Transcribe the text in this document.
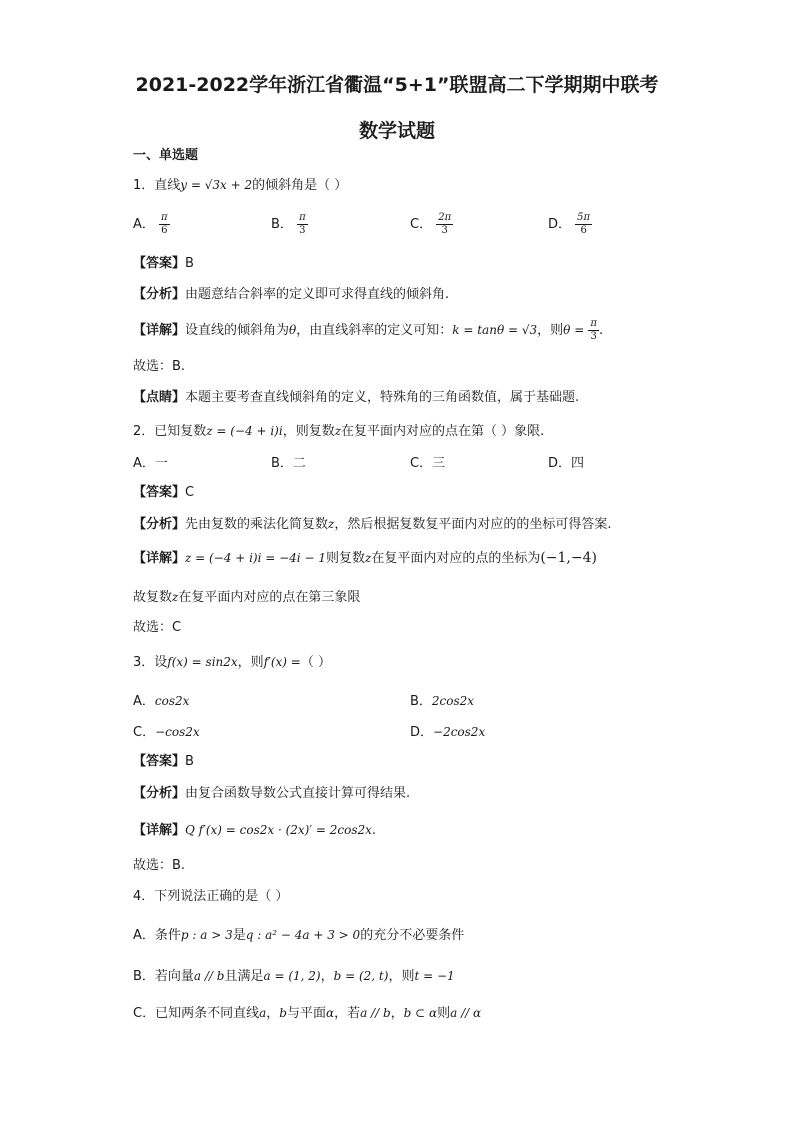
2021-2022学年浙江省衢温“5+1”联盟高二下学期期中联考
数学试题
一、单选题
1．直线y = √3x + 2的倾斜角是（ ）
A． $\frac{\pi}{6}$	B． $\frac{\pi}{3}$	C． $\frac{2\pi}{3}$	D． $\frac{5\pi}{6}$
【答案】B
【分析】由题意结合斜率的定义即可求得直线的倾斜角.
【详解】设直线的倾斜角为θ，由直线斜率的定义可知：k = tanθ = √3，则$\theta = \frac{\pi}{3}$ .
故选：B.
【点睛】本题主要考查直线倾斜角的定义，特殊角的三角函数值，属于基础题.
2．已知复数z = (−4 + i)i，则复数z在复平面内对应的点在第（ ）象限.
A．一	B．二	C．三	D．四
【答案】C
【分析】先由复数的乘法化简复数z，然后根据复数复平面内对应的的坐标可得答案.
【详解】z = (−4 + i)i = −4i − 1则复数z在复平面内对应的点的坐标为(−1,−4)
故复数z在复平面内对应的点在第三象限
故选：C
3．设f(x) = sin2x，则f′(x) =（ ）
A．cos2x	B．2cos2x
C．−cos2x	D．−2cos2x
【答案】B
【分析】由复合函数导数公式直接计算可得结果.
【详解】Q f′(x) = cos2x · (2x)′ = 2cos2x.
故选：B.
4．下列说法正确的是（ ）
A．条件p : a > 3是q : a² − 4a + 3 > 0的充分不必要条件
B．若向量a // b且满足a = (1, 2)，b = (2, t)，则t = −1
C．已知两条不同直线a，b与平面α，若a // b，b ⊂ α则a // α
